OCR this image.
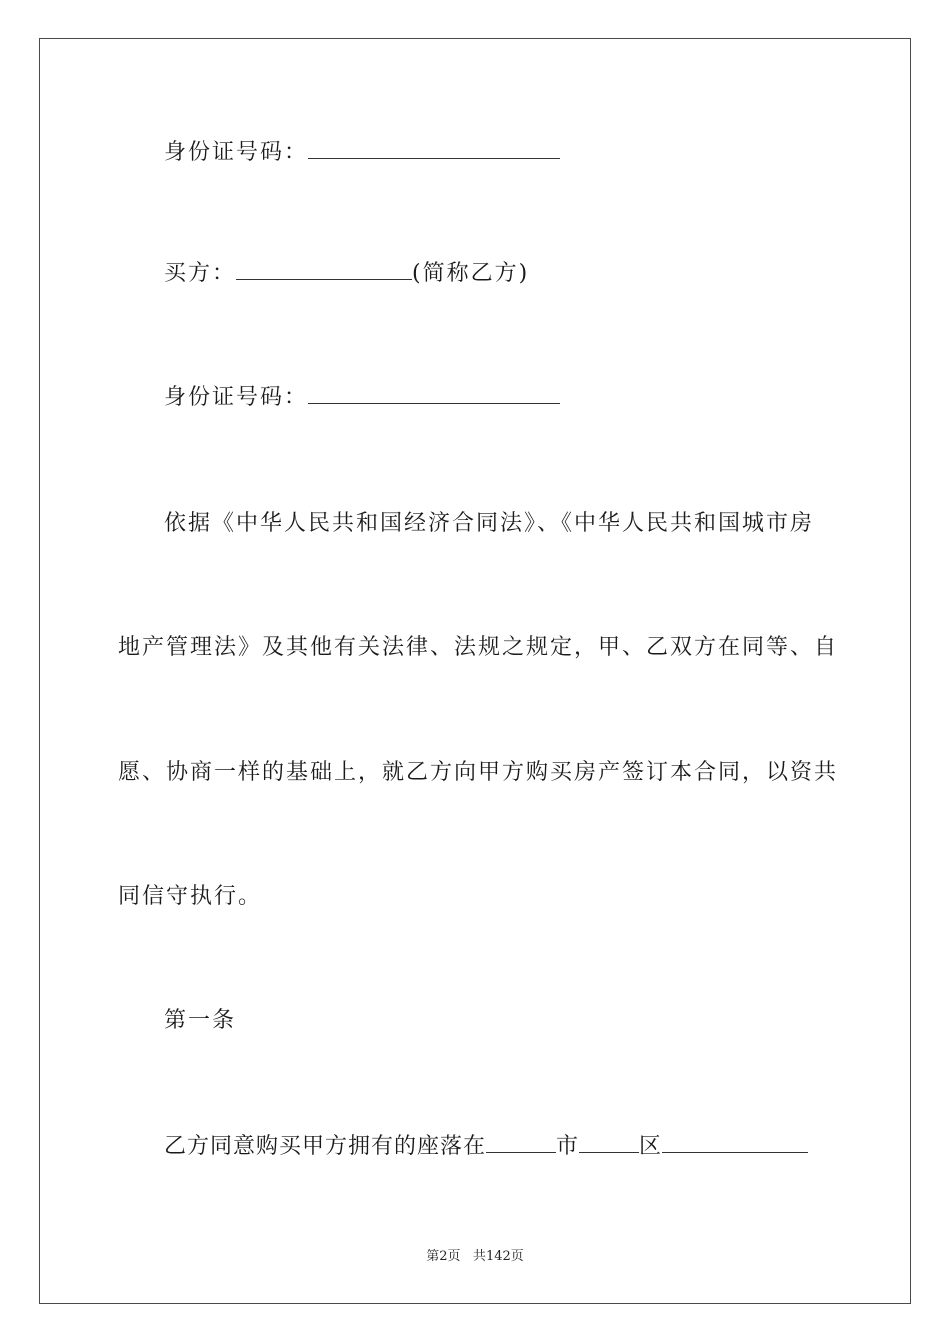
身份证号码：
买方：	(简称乙方)
身份证号码：
依据《中华人民共和国经济合同法》、《中华人民共和国城市房
地产管理法》及其他有关法律、法规之规定，甲、乙双方在同等、自
愿、协商一样的基础上，就乙方向甲方购买房产签订本合同，以资共
同信守执行。
第一条
乙方同意购买甲方拥有的座落在	市	区
第2页 共142页
